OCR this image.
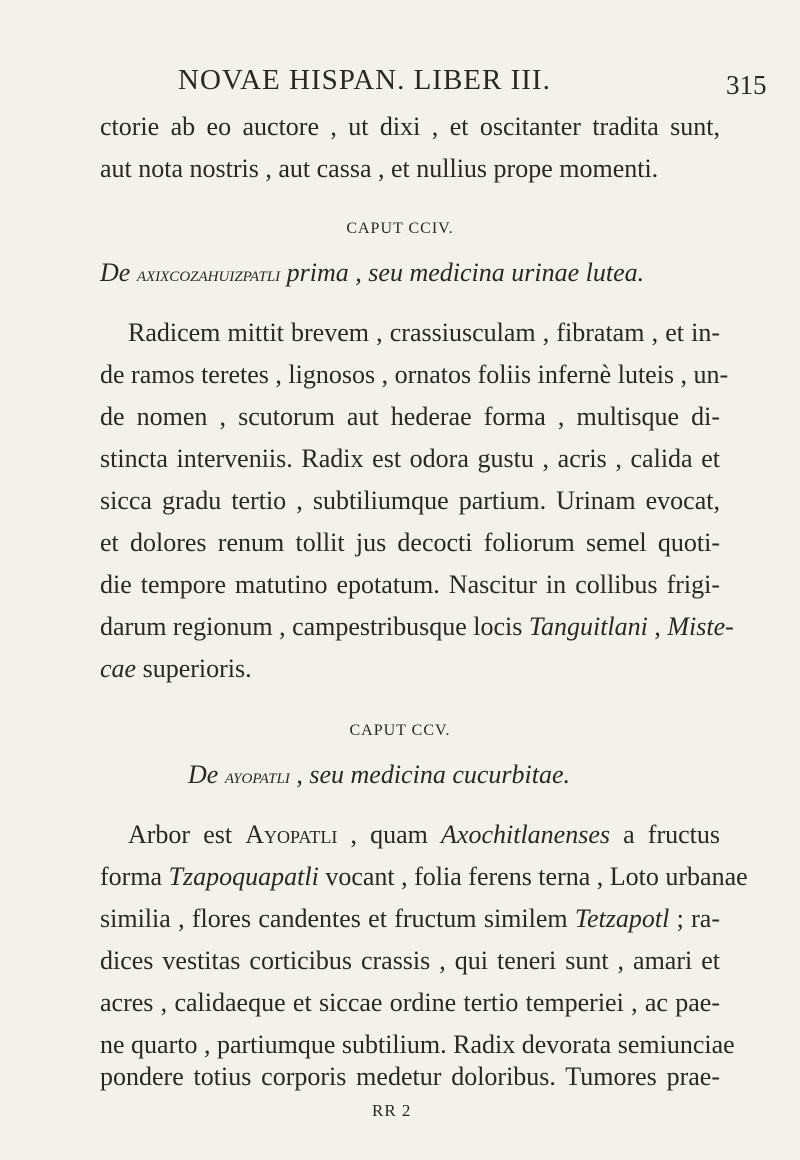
NOVAE HISPAN. LIBER III.	315
ctorie ab eo auctore , ut dixi , et oscitanter tradita sunt,
aut nota nostris , aut cassa , et nullius prope momenti.
CAPUT CCIV.
De axixcozahuizpatli prima , seu medicina urinae lutea.
Radicem mittit brevem , crassiusculam , fibratam , et in-
de ramos teretes , lignosos , ornatos foliis infernè luteis , un-
de nomen , scutorum aut hederae forma , multisque di-
stincta interveniis. Radix est odora gustu , acris , calida et
sicca gradu tertio , subtiliumque partium. Urinam evocat,
et dolores renum tollit jus decocti foliorum semel quoti-
die tempore matutino epotatum. Nascitur in collibus frigi-
darum regionum , campestribusque locis Tanguitlani , Miste-
cae superioris.
CAPUT CCV.
De ayopatli , seu medicina cucurbitae.
Arbor est Ayopatli , quam Axochitlanenses a fructus
forma Tzapoquapatli vocant , folia ferens terna , Loto urbanae
similia , flores candentes et fructum similem Tetzapotl ; ra-
dices vestitas corticibus crassis , qui teneri sunt , amari et
acres , calidaeque et siccae ordine tertio temperiei , ac pae-
ne quarto , partiumque subtilium. Radix devorata semiunciae
pondere totius corporis medetur doloribus. Tumores prae-
RR 2
